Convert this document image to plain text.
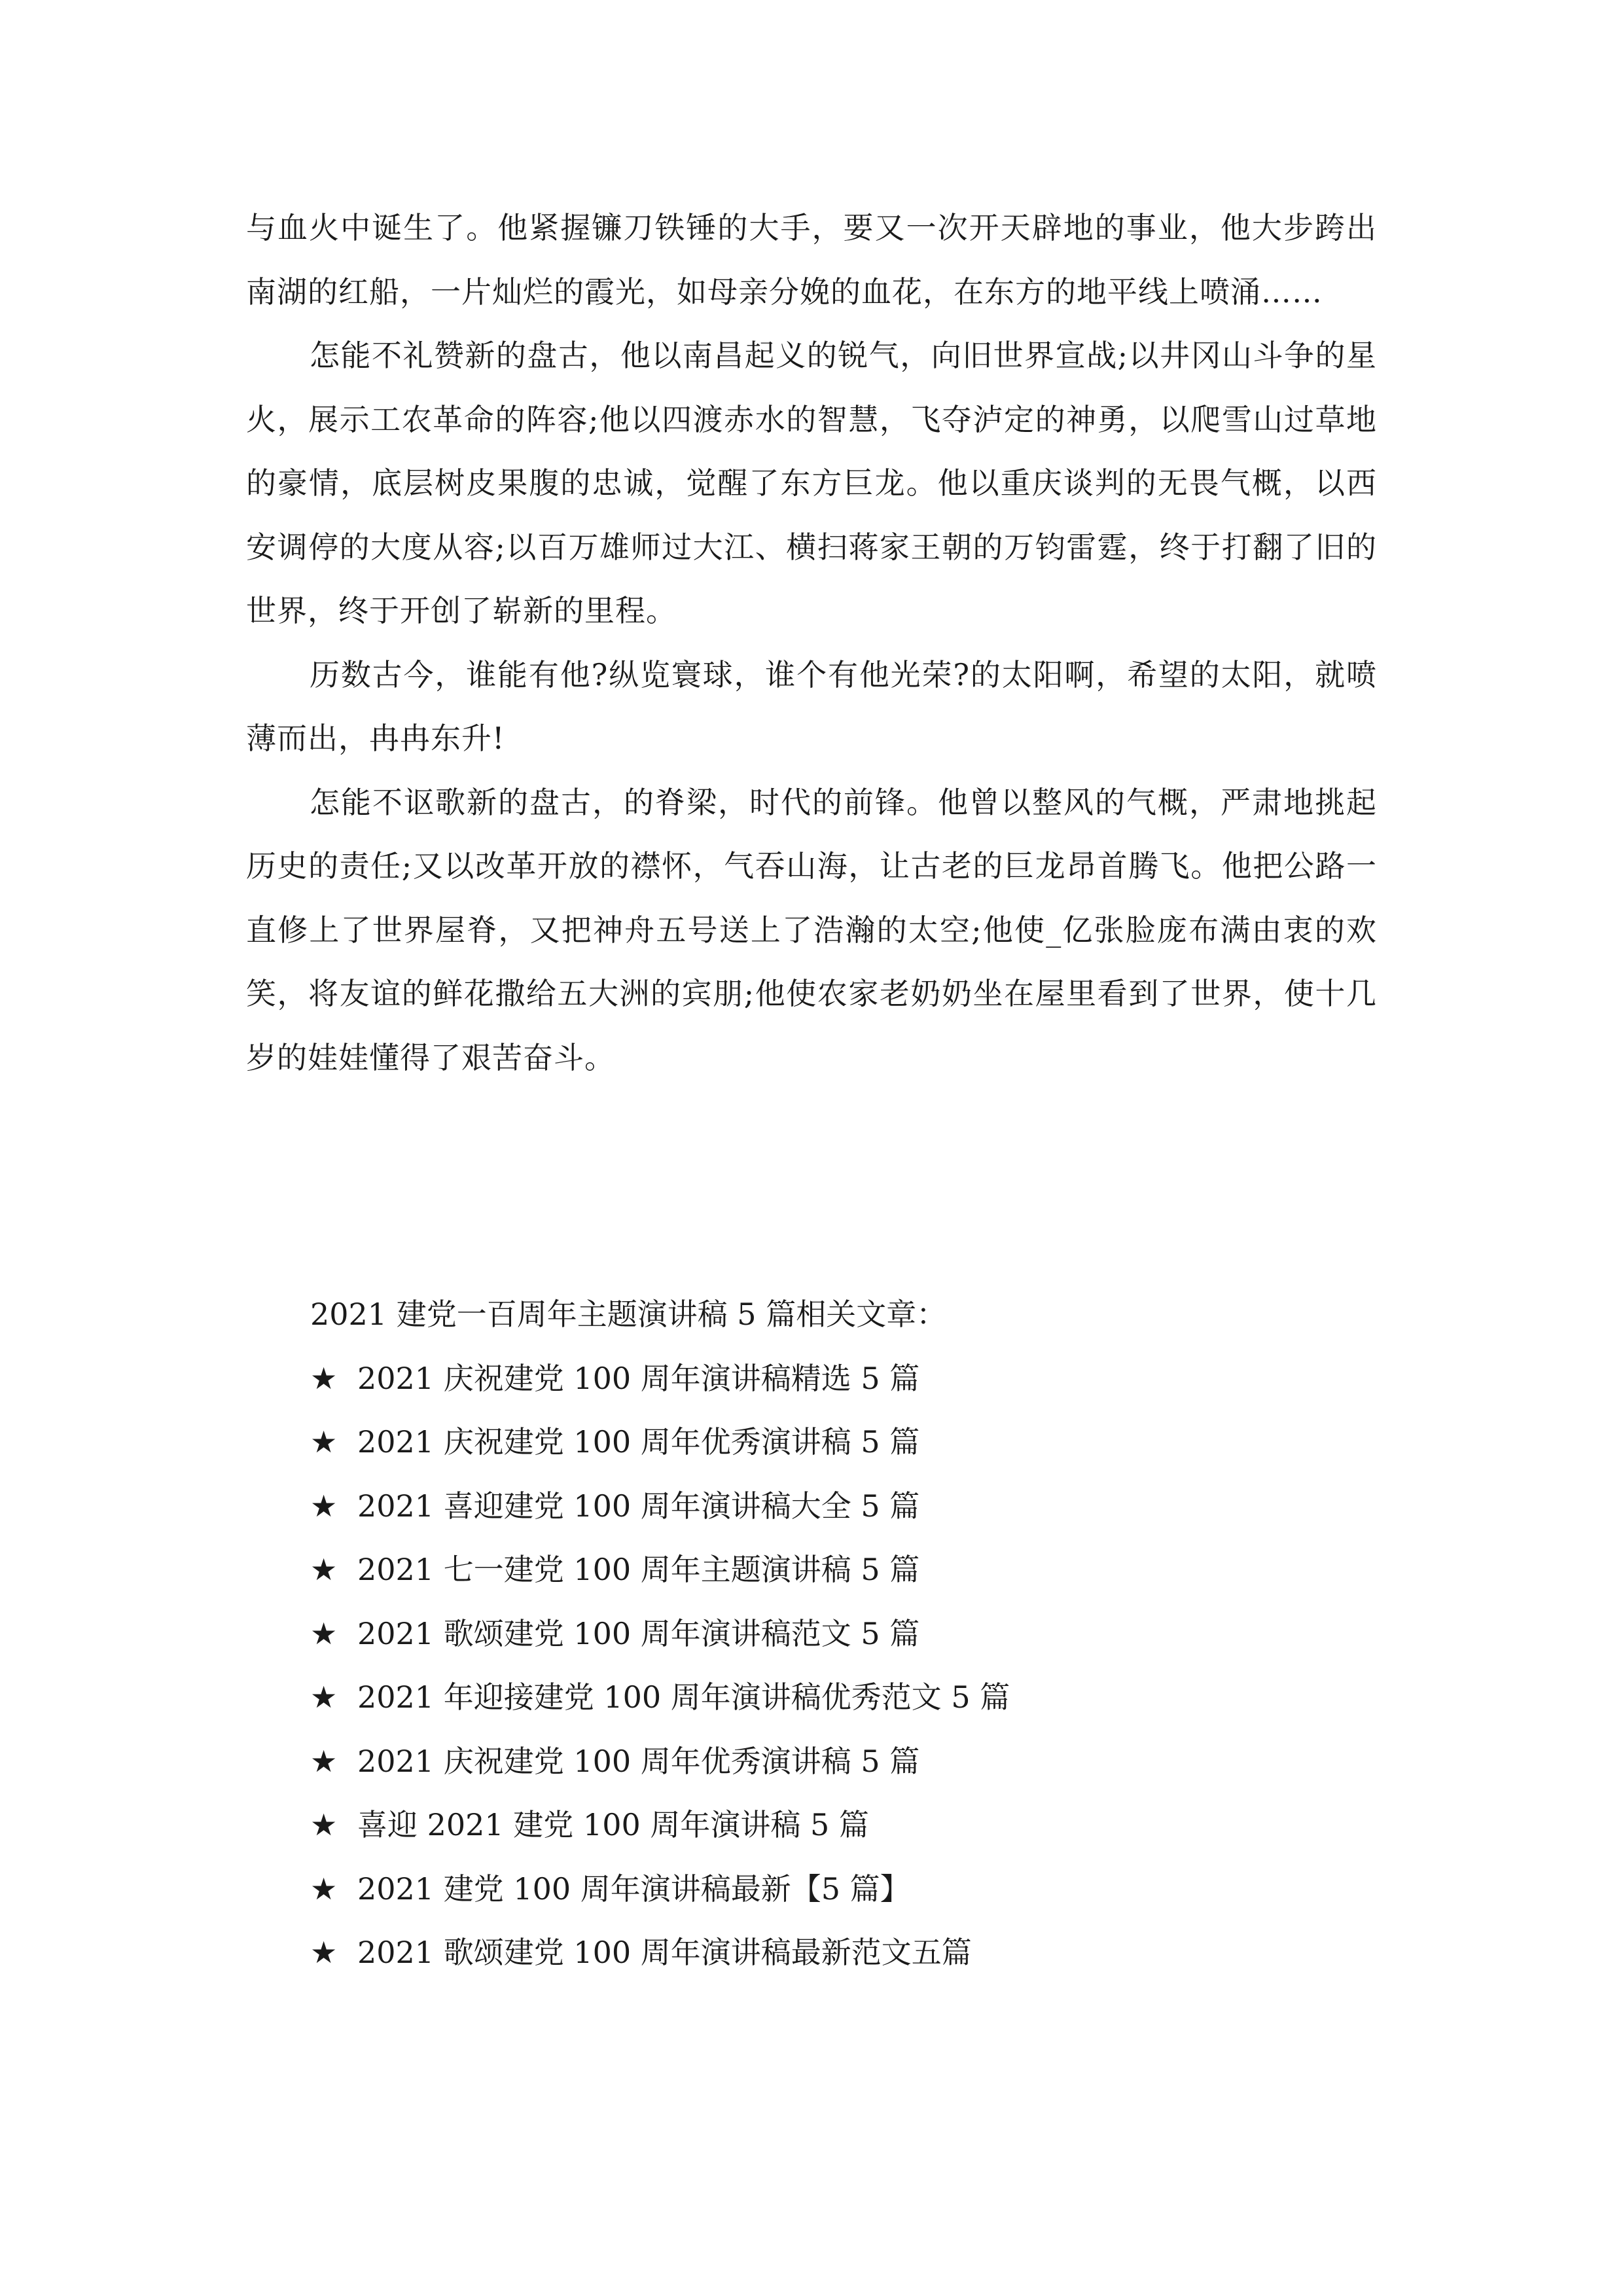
与血火中诞生了。他紧握镰刀铁锤的大手，要又一次开天辟地的事业，他大步跨出南湖的红船，一片灿烂的霞光，如母亲分娩的血花，在东方的地平线上喷涌……

怎能不礼赞新的盘古，他以南昌起义的锐气，向旧世界宣战;以井冈山斗争的星火，展示工农革命的阵容;他以四渡赤水的智慧，飞夺泸定的神勇，以爬雪山过草地的豪情，底层树皮果腹的忠诚，觉醒了东方巨龙。他以重庆谈判的无畏气概，以西安调停的大度从容;以百万雄师过大江、横扫蒋家王朝的万钧雷霆，终于打翻了旧的世界，终于开创了崭新的里程。

历数古今，谁能有他?纵览寰球，谁个有他光荣?的太阳啊，希望的太阳，就喷薄而出，冉冉东升!

怎能不讴歌新的盘古，的脊梁，时代的前锋。他曾以整风的气概，严肃地挑起历史的责任;又以改革开放的襟怀，气吞山海，让古老的巨龙昂首腾飞。他把公路一直修上了世界屋脊，又把神舟五号送上了浩瀚的太空;他使_亿张脸庞布满由衷的欢笑，将友谊的鲜花撒给五大洲的宾朋;他使农家老奶奶坐在屋里看到了世界，使十几岁的娃娃懂得了艰苦奋斗。

2021 建党一百周年主题演讲稿 5 篇相关文章：

★ 2021 庆祝建党 100 周年演讲稿精选 5 篇
★ 2021 庆祝建党 100 周年优秀演讲稿 5 篇
★ 2021 喜迎建党 100 周年演讲稿大全 5 篇
★ 2021 七一建党 100 周年主题演讲稿 5 篇
★ 2021 歌颂建党 100 周年演讲稿范文 5 篇
★ 2021 年迎接建党 100 周年演讲稿优秀范文 5 篇
★ 2021 庆祝建党 100 周年优秀演讲稿 5 篇
★ 喜迎 2021 建党 100 周年演讲稿 5 篇
★ 2021 建党 100 周年演讲稿最新【5 篇】
★ 2021 歌颂建党 100 周年演讲稿最新范文五篇
